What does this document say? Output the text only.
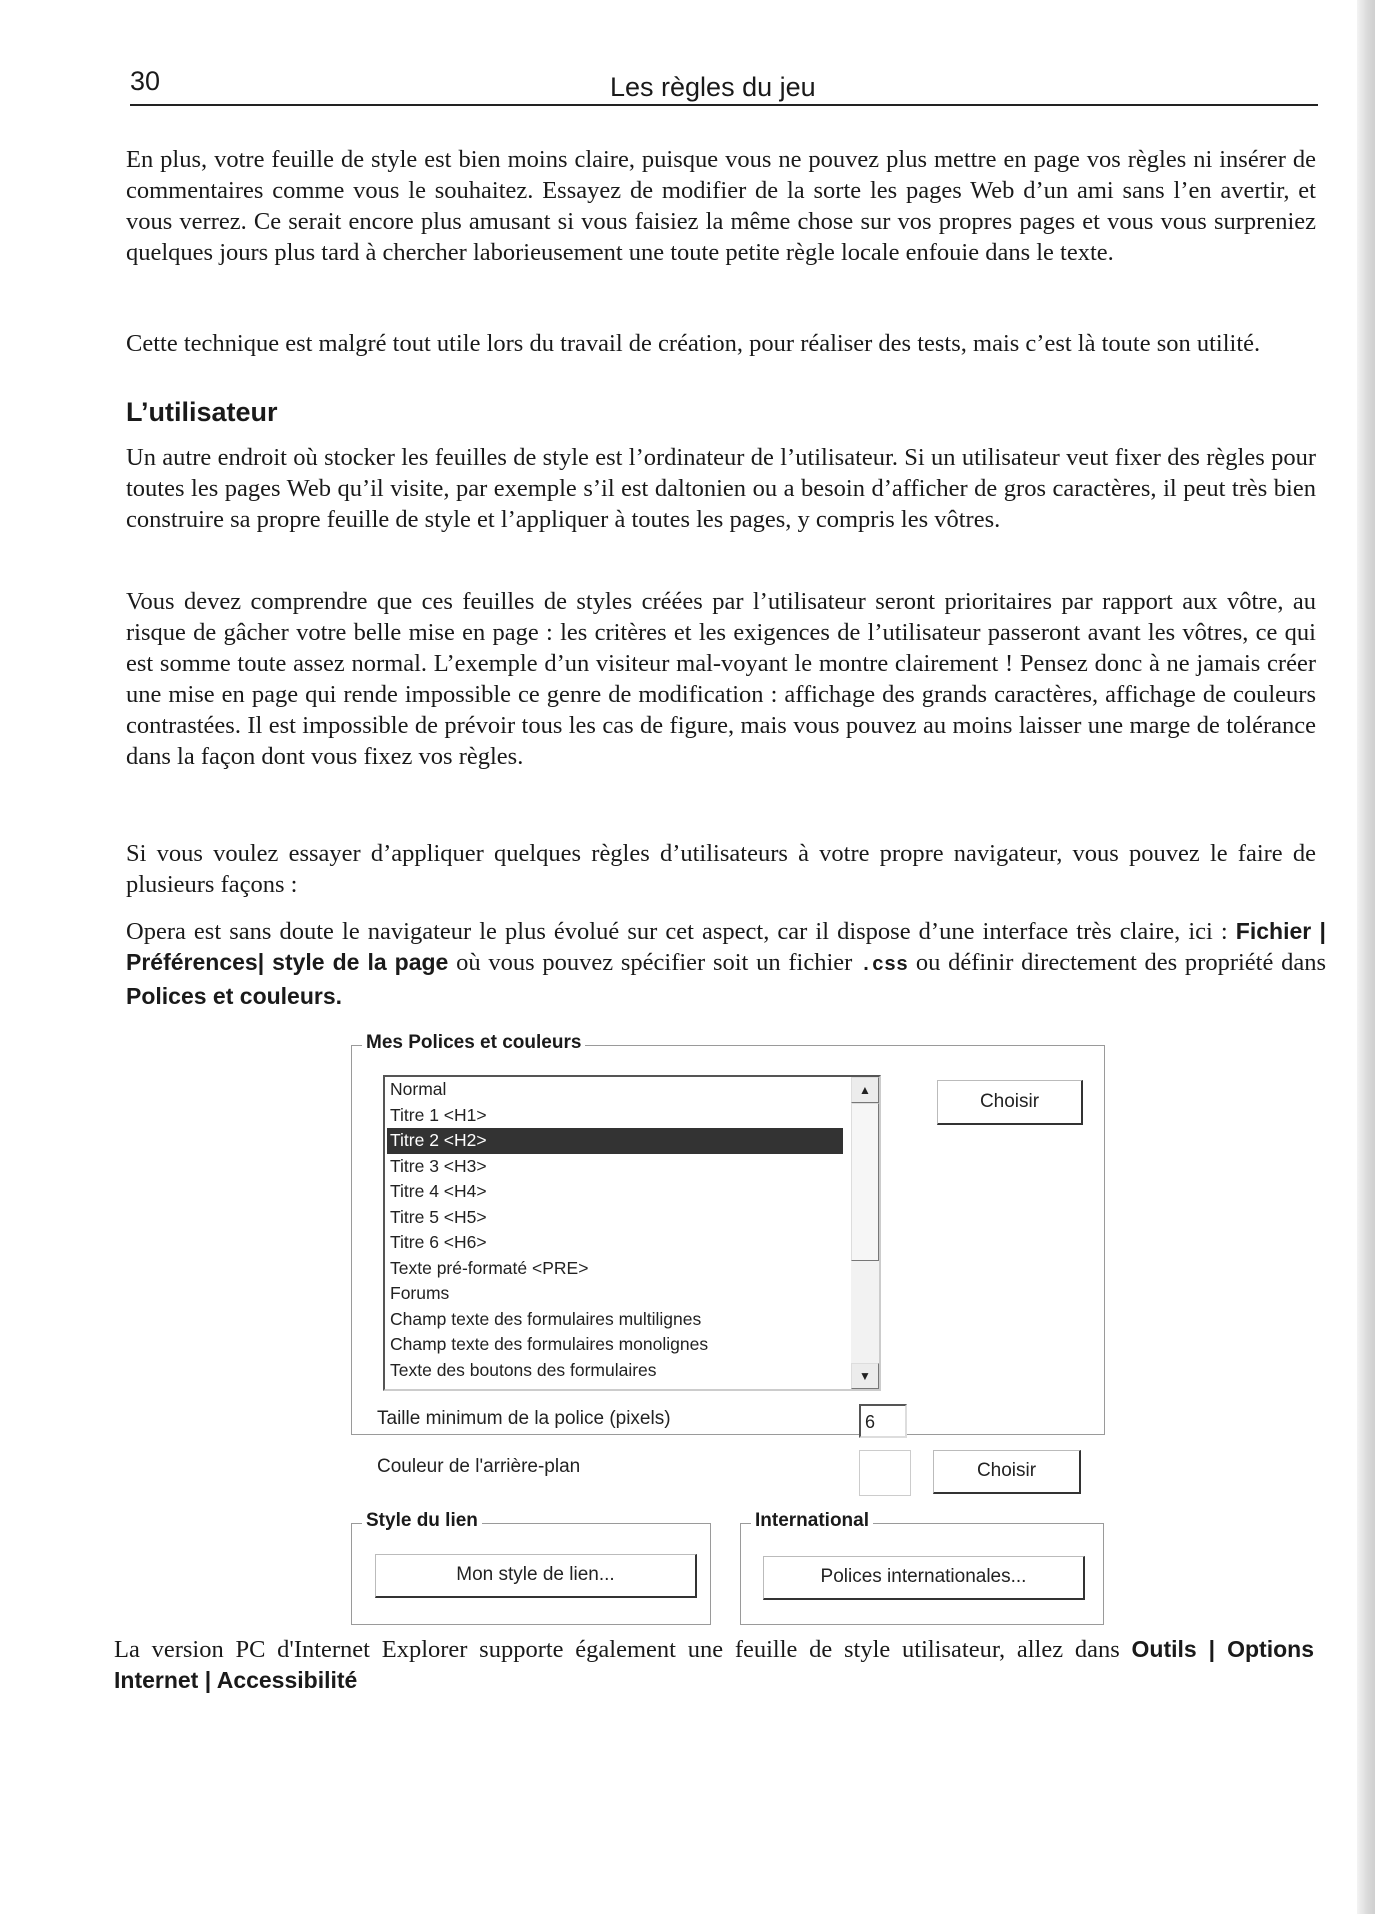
30	Les règles du jeu

En plus, votre feuille de style est bien moins claire, puisque vous ne pouvez plus mettre en page vos règles ni insérer de commentaires comme vous le souhaitez. Essayez de modifier de la sorte les pages Web d’un ami sans l’en avertir, et vous verrez. Ce serait encore plus amusant si vous faisiez la même chose sur vos propres pages et vous vous surpreniez quelques jours plus tard à chercher laborieusement une toute petite règle locale enfouie dans le texte.

Cette technique est malgré tout utile lors du travail de création, pour réaliser des tests, mais c’est là toute son utilité.

L’utilisateur

Un autre endroit où stocker les feuilles de style est l’ordinateur de l’utilisateur. Si un utilisateur veut fixer des règles pour toutes les pages Web qu’il visite, par exemple s’il est daltonien ou a besoin d’afficher de gros caractères, il peut très bien construire sa propre feuille de style et l’appliquer à toutes les pages, y compris les vôtres.

Vous devez comprendre que ces feuilles de styles créées par l’utilisateur seront prioritaires par rapport aux vôtre, au risque de gâcher votre belle mise en page : les critères et les exigences de l’utilisateur passeront avant les vôtres, ce qui est somme toute assez normal. L’exemple d’un visiteur mal-voyant le montre clairement ! Pensez donc à ne jamais créer une mise en page qui rende impossible ce genre de modification : affichage des grands caractères, affichage de couleurs contrastées. Il est impossible de prévoir tous les cas de figure, mais vous pouvez au moins laisser une marge de tolérance dans la façon dont vous fixez vos règles.

Si vous voulez essayer d’appliquer quelques règles d’utilisateurs à votre propre navigateur, vous pouvez le faire de plusieurs façons :

Opera est sans doute le navigateur le plus évolué sur cet aspect, car il dispose d’une interface très claire, ici : Fichier | Préférences| style de la page où vous pouvez spécifier soit un fichier .css ou définir directement des propriété dans Polices et couleurs.

Mes Polices et couleurs
Normal
Titre 1 <H1>
Titre 2 <H2>
Titre 3 <H3>
Titre 4 <H4>
Titre 5 <H5>
Titre 6 <H6>
Texte pré-formaté <PRE>
Forums
Champ texte des formulaires multilignes
Champ texte des formulaires monolignes
Texte des boutons des formulaires
▲
▼
Choisir
Taille minimum de la police (pixels)	6
Couleur de l'arrière-plan	Choisir
Style du lien
Mon style de lien...
International
Polices internationales...

La version PC d'Internet Explorer supporte également une feuille de style utilisateur, allez dans Outils | Options Internet | Accessibilité
